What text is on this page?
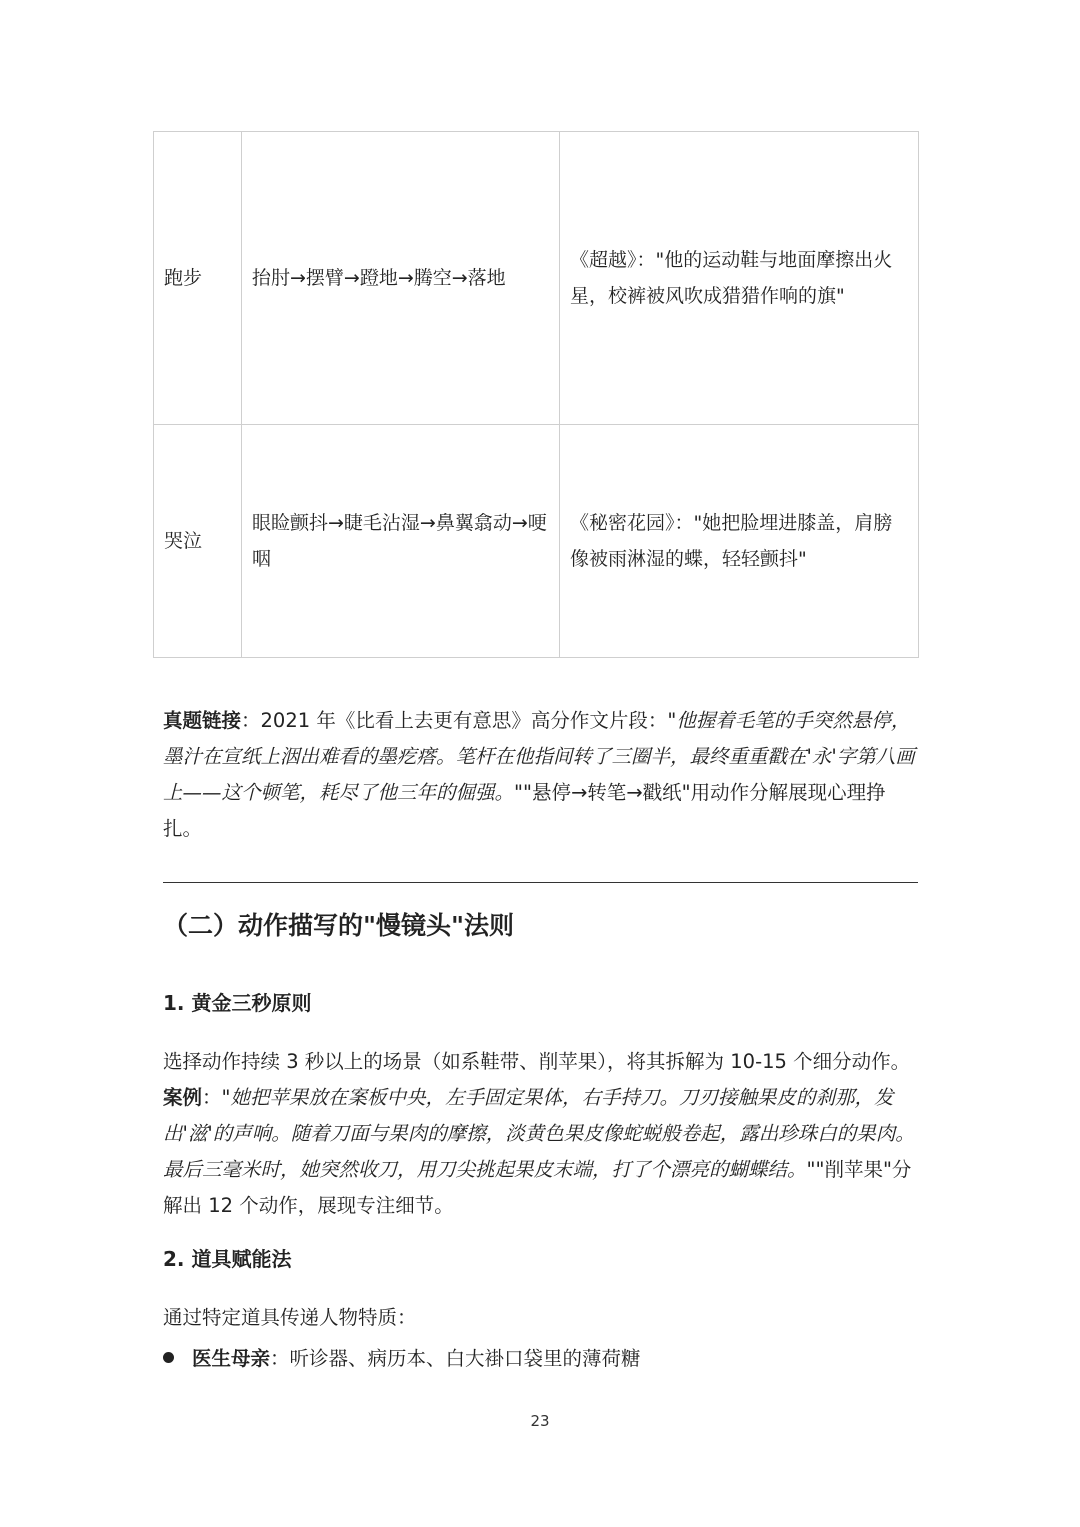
跑步	抬肘→摆臂→蹬地→腾空→落地	《超越》："他的运动鞋与地面摩擦出火星，校裤被风吹成猎猎作响的旗"
哭泣	眼睑颤抖→睫毛沾湿→鼻翼翕动→哽咽	《秘密花园》："她把脸埋进膝盖，肩膀像被雨淋湿的蝶，轻轻颤抖"
真题链接：2021 年《比看上去更有意思》高分作文片段："他握着毛笔的手突然悬停，墨汁在宣纸上洇出难看的墨疙瘩。笔杆在他指间转了三圈半，最终重重戳在'永'字第八画上——这个顿笔，耗尽了他三年的倔强。""悬停→转笔→戳纸"用动作分解展现心理挣扎。
（二）动作描写的"慢镜头"法则
1. 黄金三秒原则
选择动作持续 3 秒以上的场景（如系鞋带、削苹果），将其拆解为 10-15 个细分动作。
案例："她把苹果放在案板中央，左手固定果体，右手持刀。刀刃接触果皮的刹那，发出'滋'的声响。随着刀面与果肉的摩擦，淡黄色果皮像蛇蜕般卷起，露出珍珠白的果肉。最后三毫米时，她突然收刀，用刀尖挑起果皮末端，打了个漂亮的蝴蝶结。""削苹果"分解出 12 个动作，展现专注细节。
2. 道具赋能法
通过特定道具传递人物特质：
医生母亲：听诊器、病历本、白大褂口袋里的薄荷糖
23
